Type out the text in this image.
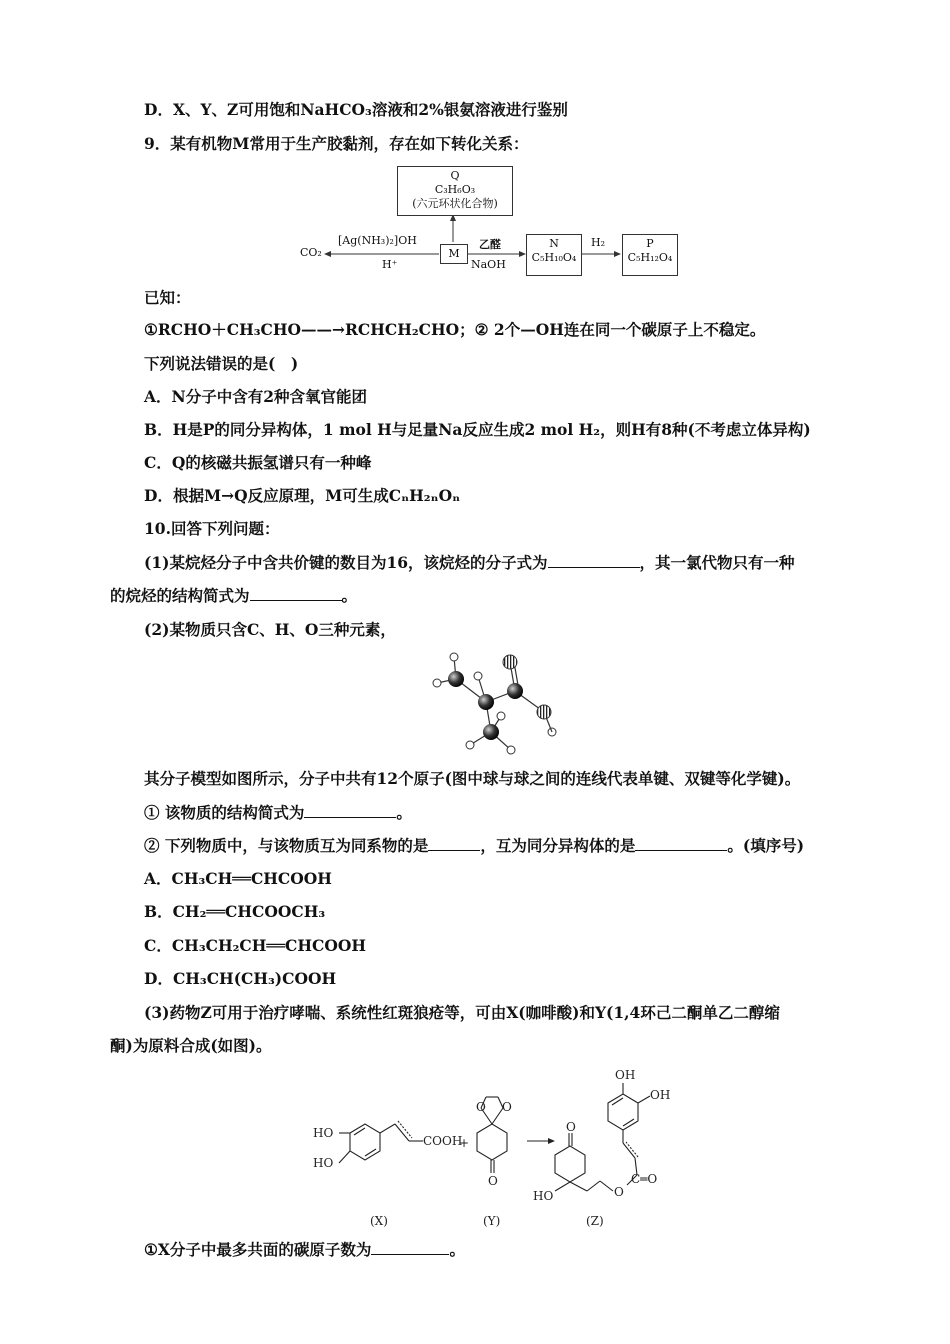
D．X、Y、Z可用饱和NaHCO₃溶液和2%银氨溶液进行鉴别
9．某有机物M常用于生产胶黏剂，存在如下转化关系：
Q
C₃H₆O₃
(六元环状化合物)
CO₂
[Ag(NH₃)₂]OH
H⁺
M
乙醛
NaOH
N
C₅H₁₀O₄
H₂	P
C₅H₁₂O₄
已知：
①RCHO＋CH₃CHO——→RCHCH₂CHO；② 2个—OH连在同一个碳原子上不稳定。
下列说法错误的是(　)
A．N分子中含有2种含氧官能团
B．H是P的同分异构体，1 mol H与足量Na反应生成2 mol H₂，则H有8种(不考虑立体异构)
C．Q的核磁共振氢谱只有一种峰
D．根据M→Q反应原理，M可生成CₙH₂ₙOₙ
10.回答下列问题：
(1)某烷烃分子中含共价键的数目为16，该烷烃的分子式为	，其一氯代物只有一种
的烷烃的结构简式为	。
(2)某物质只含C、H、O三种元素，
其分子模型如图所示，分子中共有12个原子(图中球与球之间的连线代表单键、双键等化学键)。
① 该物质的结构简式为	。
② 下列物质中，与该物质互为同系物的是	，互为同分异构体的是	。(填序号)
A．CH₃CH══CHCOOH
B．CH₂══CHCOOCH₃
C．CH₃CH₂CH══CHCOOH
D．CH₃CH(CH₃)COOH
(3)药物Z可用于治疗哮喘、系统性红斑狼疮等，可由X(咖啡酸)和Y(1,4环己二酮单乙二醇缩
酮)为原料合成(如图)。
HO
HO
COOH
+
O O
O
O
HO	O
C═O
OH
OH
(X)	(Y)	(Z)
①X分子中最多共面的碳原子数为	。
